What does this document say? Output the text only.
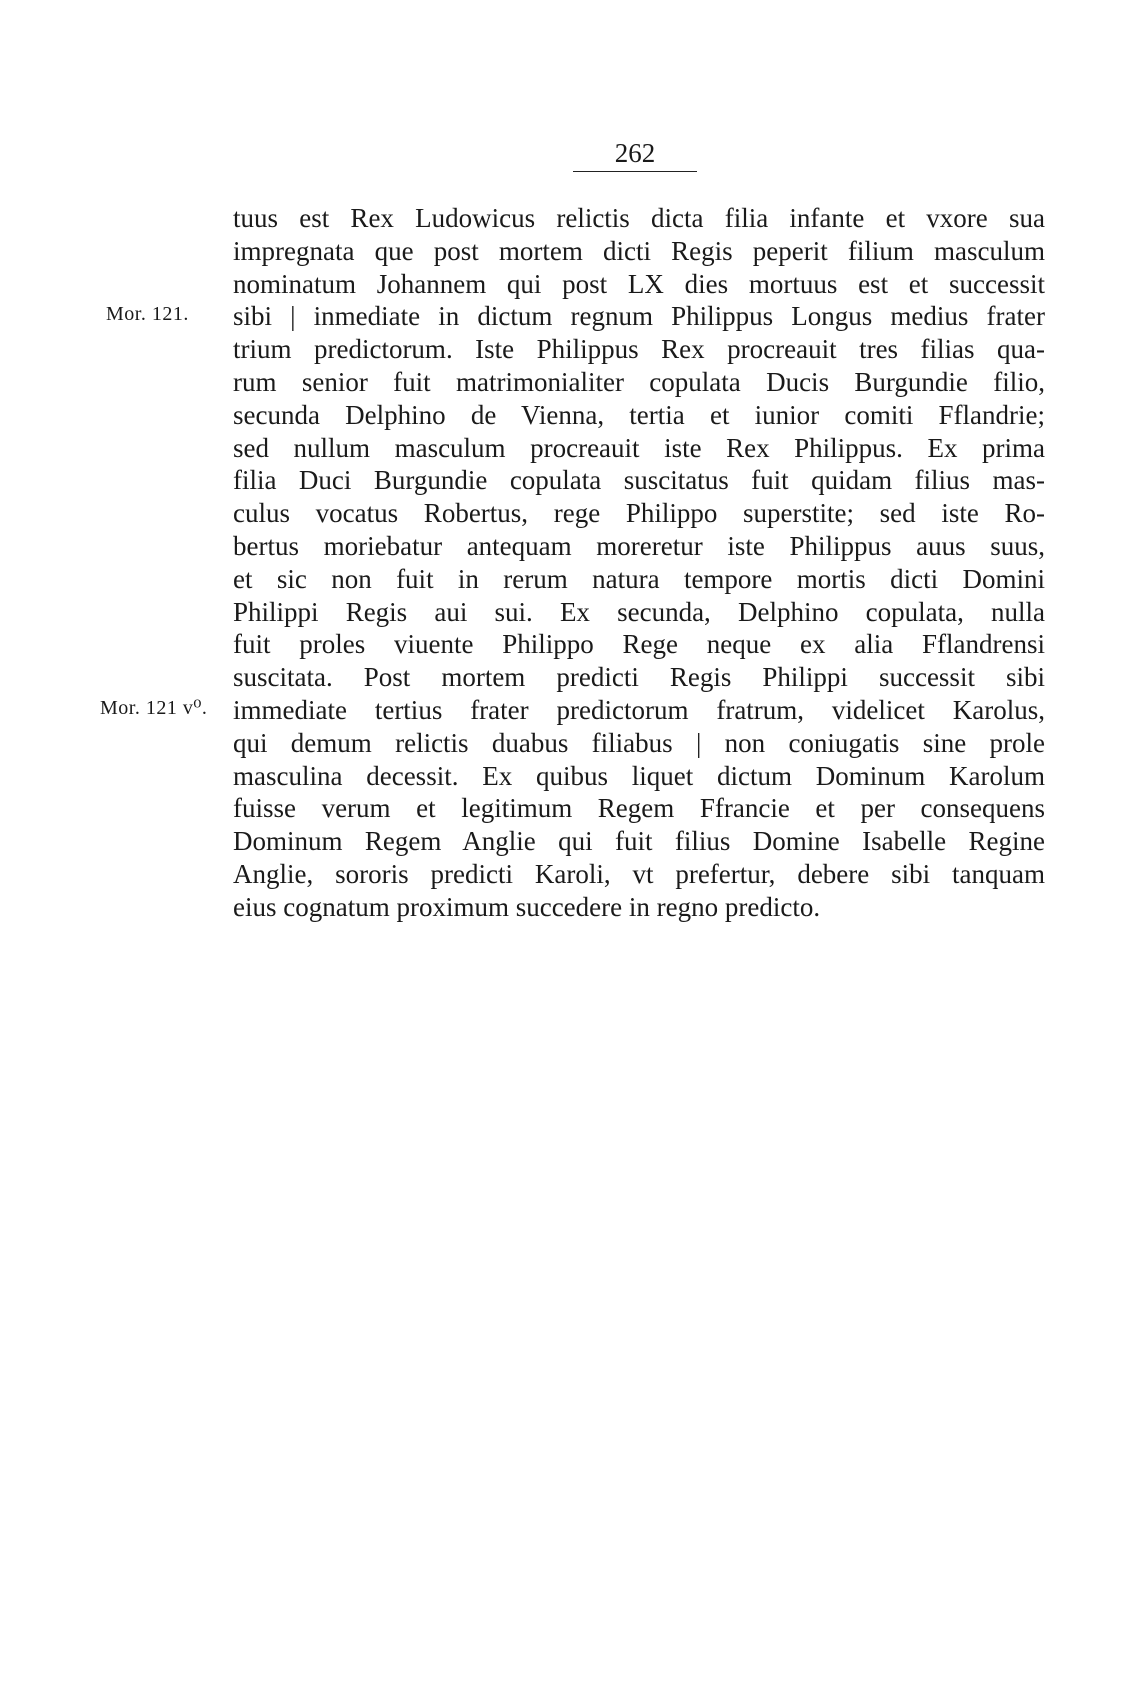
262
Mor. 121.
Mor. 121 v⁰.
tuus est Rex Ludowicus relictis dicta filia infante et vxore sua
impregnata que post mortem dicti Regis peperit filium masculum
nominatum Johannem qui post LX dies mortuus est et successit
sibi | inmediate in dictum regnum Philippus Longus medius frater
trium predictorum. Iste Philippus Rex procreauit tres filias qua-
rum senior fuit matrimonialiter copulata Ducis Burgundie filio,
secunda Delphino de Vienna, tertia et iunior comiti Fflandrie;
sed nullum masculum procreauit iste Rex Philippus. Ex prima
filia Duci Burgundie copulata suscitatus fuit quidam filius mas-
culus vocatus Robertus, rege Philippo superstite; sed iste Ro-
bertus moriebatur antequam moreretur iste Philippus auus suus,
et sic non fuit in rerum natura tempore mortis dicti Domini
Philippi Regis aui sui. Ex secunda, Delphino copulata, nulla
fuit proles viuente Philippo Rege neque ex alia Fflandrensi
suscitata. Post mortem predicti Regis Philippi successit sibi
immediate tertius frater predictorum fratrum, videlicet Karolus,
qui demum relictis duabus filiabus | non coniugatis sine prole
masculina decessit. Ex quibus liquet dictum Dominum Karolum
fuisse verum et legitimum Regem Ffrancie et per consequens
Dominum Regem Anglie qui fuit filius Domine Isabelle Regine
Anglie, sororis predicti Karoli, vt prefertur, debere sibi tanquam
eius cognatum proximum succedere in regno predicto.
